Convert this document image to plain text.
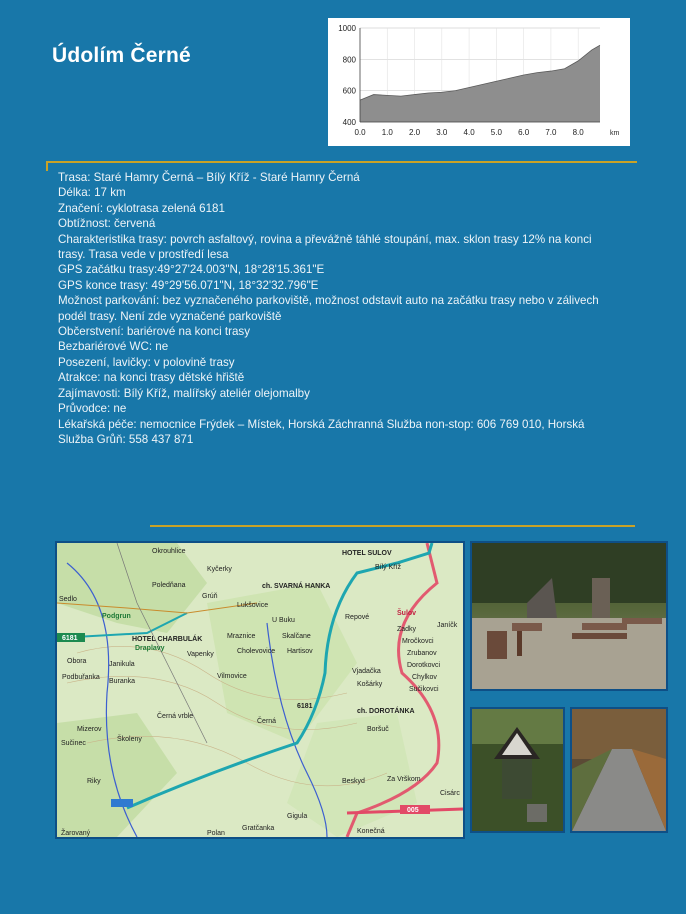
Údolím Černé
400
600
800
1000
0.0 1.0 2.0 3.0 4.0 5.0 6.0 7.0 8.0	km
Trasa: Staré Hamry Černá – Bílý Kříž - Staré Hamry Černá
Délka: 17 km
Značení: cyklotrasa zelená 6181
Obtížnost: červená
Charakteristika trasy: povrch asfaltový, rovina a převážně táhlé stoupání, max. sklon trasy 12% na konci trasy. Trasa vede v prostředí lesa
GPS začátku trasy:49°27'24.003"N, 18°28'15.361"E
GPS konce trasy: 49°29'56.071"N, 18°32'32.796"E
Možnost parkování: bez vyznačeného parkoviště, možnost odstavit auto na začátku trasy nebo v zálivech podél trasy. Není zde vyznačené parkoviště
Občerstvení: bariérové na konci trasy
Bezbariérové WC: ne
Posezení, lavičky: v polovině trasy
Atrakce: na konci trasy dětské hřiště
Zajímavosti: Bílý Kříž, malířský ateliér olejomalby
Průvodce: ne
Lékařská péče: nemocnice Frýdek – Místek, Horská Záchranná Služba non-stop: 606 769 010, Horská Služba Grůň: 558 437 871
005
6181
6181
Okrouhlice
Kyčerky
Poledňana
Grúň
Sedlo
Podgrun
Lukšovice
U Buku
Skalčane
Hartisov
Mraznice
Cholevovice
Vapenky
HOTEL CHARBULÁK
Draplavy
Janikula
Obora
Buranka
Podbuřanka	Vilmovice
Mizerov
Školeny
Sučinec
Černá
Černá vrble
Riky
HOTEL SULOV
Bílý Kříž
Repové
Šulov
Zadky
Mročkovci
Zrubanov
Dorotkovci
Chylkov
Sučikovci
Vjadačka
Košárky
ch. DOROTÁNKA
Boršuč
Za Vrškom
Beskyd
Cisárc
Gigula
Gratčanka
Polan	Konečná
Žarovaný
ch. SVARNÁ HANKA
Janíčk
